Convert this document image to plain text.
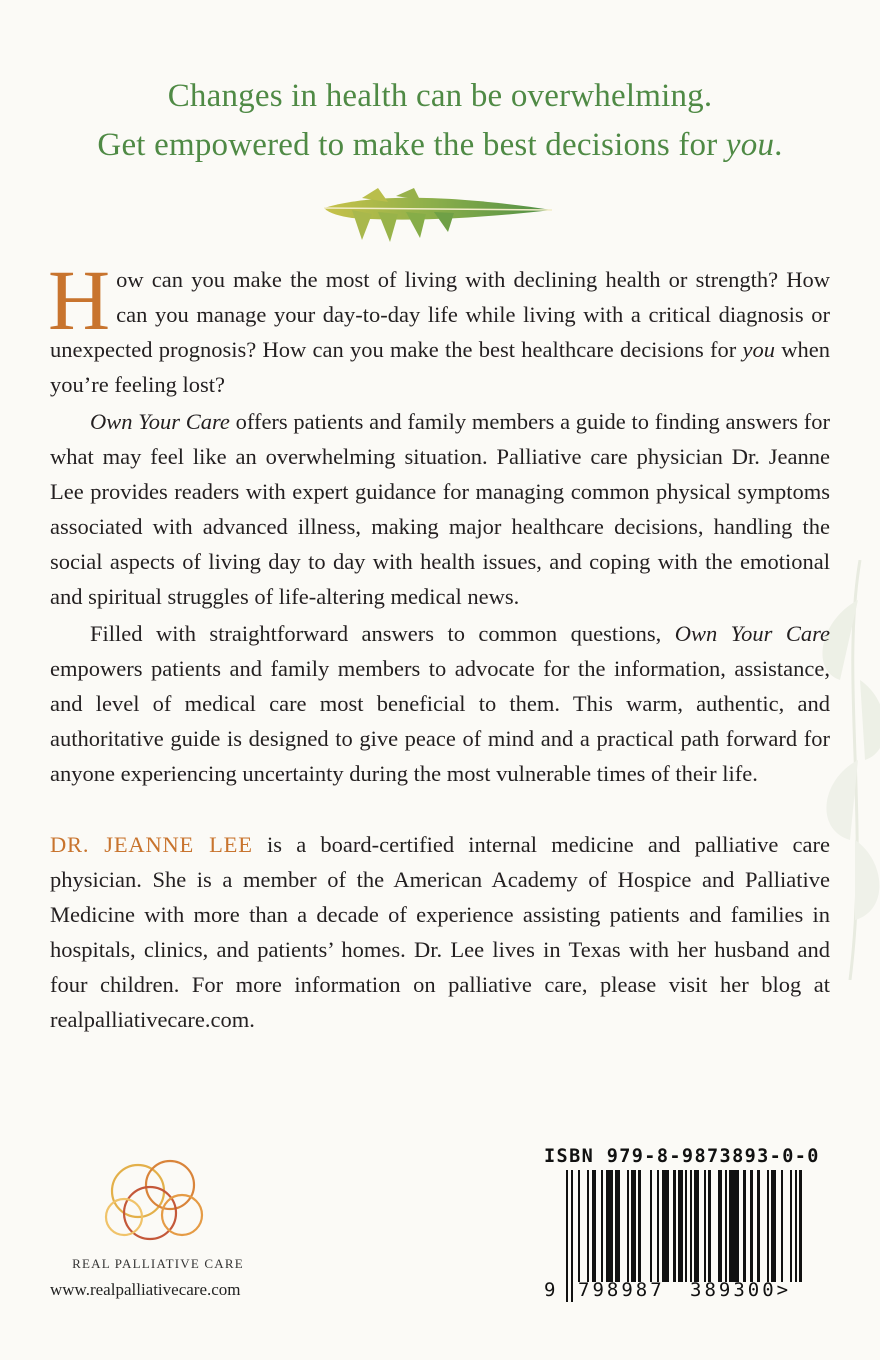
Changes in health can be overwhelming.
Get empowered to make the best decisions for you.

How can you make the most of living with declining health or strength? How can you manage your day-to-day life while living with a critical diagnosis or unexpected prognosis? How can you make the best healthcare decisions for you when you’re feeling lost?

Own Your Care offers patients and family members a guide to finding answers for what may feel like an overwhelming situation. Palliative care physician Dr. Jeanne Lee provides readers with expert guidance for managing common physical symptoms associated with advanced illness, making major healthcare decisions, handling the social aspects of living day to day with health issues, and coping with the emotional and spiritual struggles of life-altering medical news.

Filled with straightforward answers to common questions, Own Your Care empowers patients and family members to advocate for the information, assistance, and level of medical care most beneficial to them. This warm, authentic, and authoritative guide is designed to give peace of mind and a practical path forward for anyone experiencing uncertainty during the most vulnerable times of their life.

DR. JEANNE LEE is a board-certified internal medicine and palliative care physician. She is a member of the American Academy of Hospice and Palliative Medicine with more than a decade of experience assisting patients and families in hospitals, clinics, and patients’ homes. Dr. Lee lives in Texas with her husband and four children. For more information on palliative care, please visit her blog at realpalliativecare.com.

REAL PALLIATIVE CARE
www.realpalliativecare.com
ISBN 979-8-9873893-0-0
9 798987 389300>
